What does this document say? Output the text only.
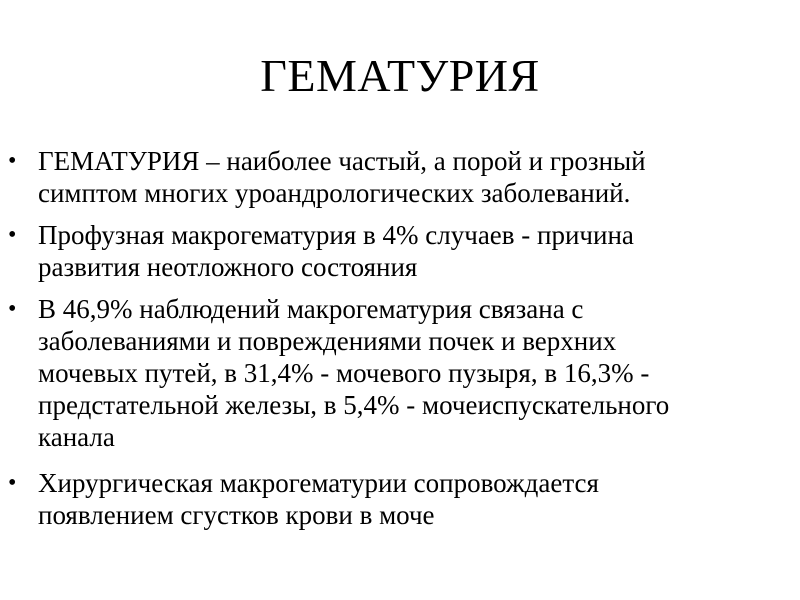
ГЕМАТУРИЯ
• ГЕМАТУРИЯ – наиболее частый, а порой и грозный
симптом многих уроандрологических заболеваний.
• Профузная макрогематурия в 4% случаев - причина
развития неотложного состояния
• В 46,9% наблюдений макрогематурия связана с
заболеваниями и повреждениями почек и верхних
мочевых путей, в 31,4% - мочевого пузыря, в 16,3% -
предстательной железы, в 5,4% - мочеиспускательного
канала
• Хирургическая макрогематурии сопровождается
появлением сгустков крови в моче
